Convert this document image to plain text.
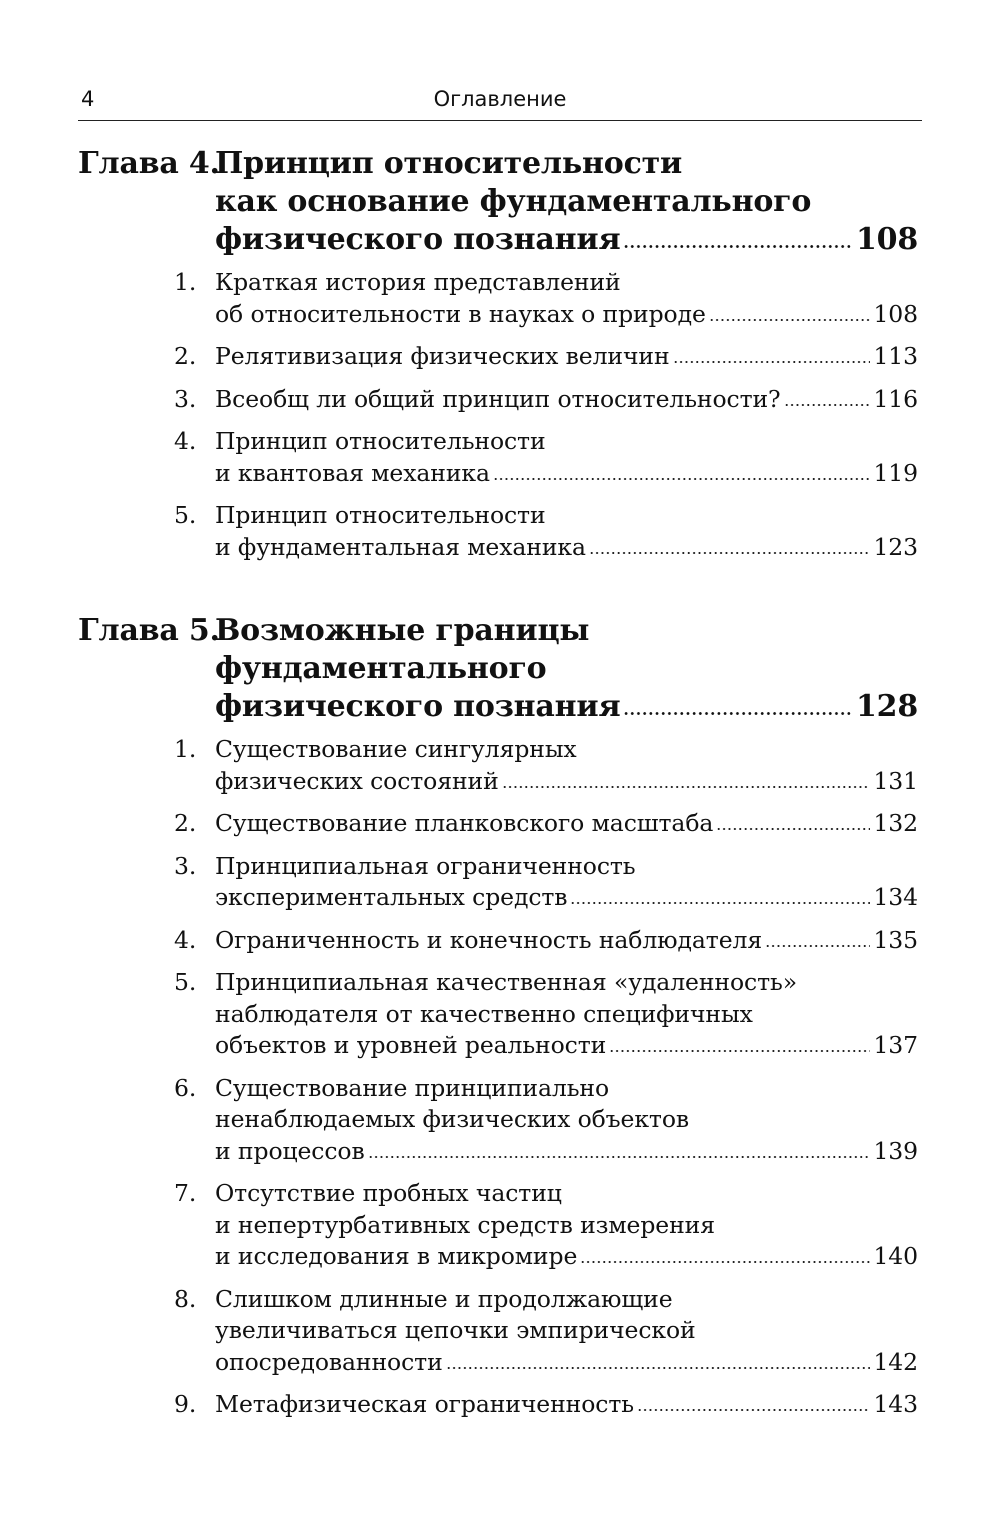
4	Оглавление
Глава 4.
Принцип относительности
как основание фундаментального
физического познания	108
1. Краткая история представлений
об относительности в науках о природе	108
2. Релятивизация физических величин	113
3. Всеобщ ли общий принцип относительности?	116
4. Принцип относительности
и квантовая механика	119
5. Принцип относительности
и фундаментальная механика	123
Глава 5.
Возможные границы
фундаментального
физического познания	128
1. Существование сингулярных
физических состояний	131
2. Существование планковского масштаба	132
3. Принципиальная ограниченность
экспериментальных средств	134
4. Ограниченность и конечность наблюдателя	135
5. Принципиальная качественная «удаленность»
наблюдателя от качественно специфичных
объектов и уровней реальности	137
6. Существование принципиально
ненаблюдаемых физических объектов
и процессов	139
7. Отсутствие пробных частиц
и непертурбативных средств измерения
и исследования в микромире	140
8. Слишком длинные и продолжающие
увеличиваться цепочки эмпирической
опосредованности	142
9. Метафизическая ограниченность	143
